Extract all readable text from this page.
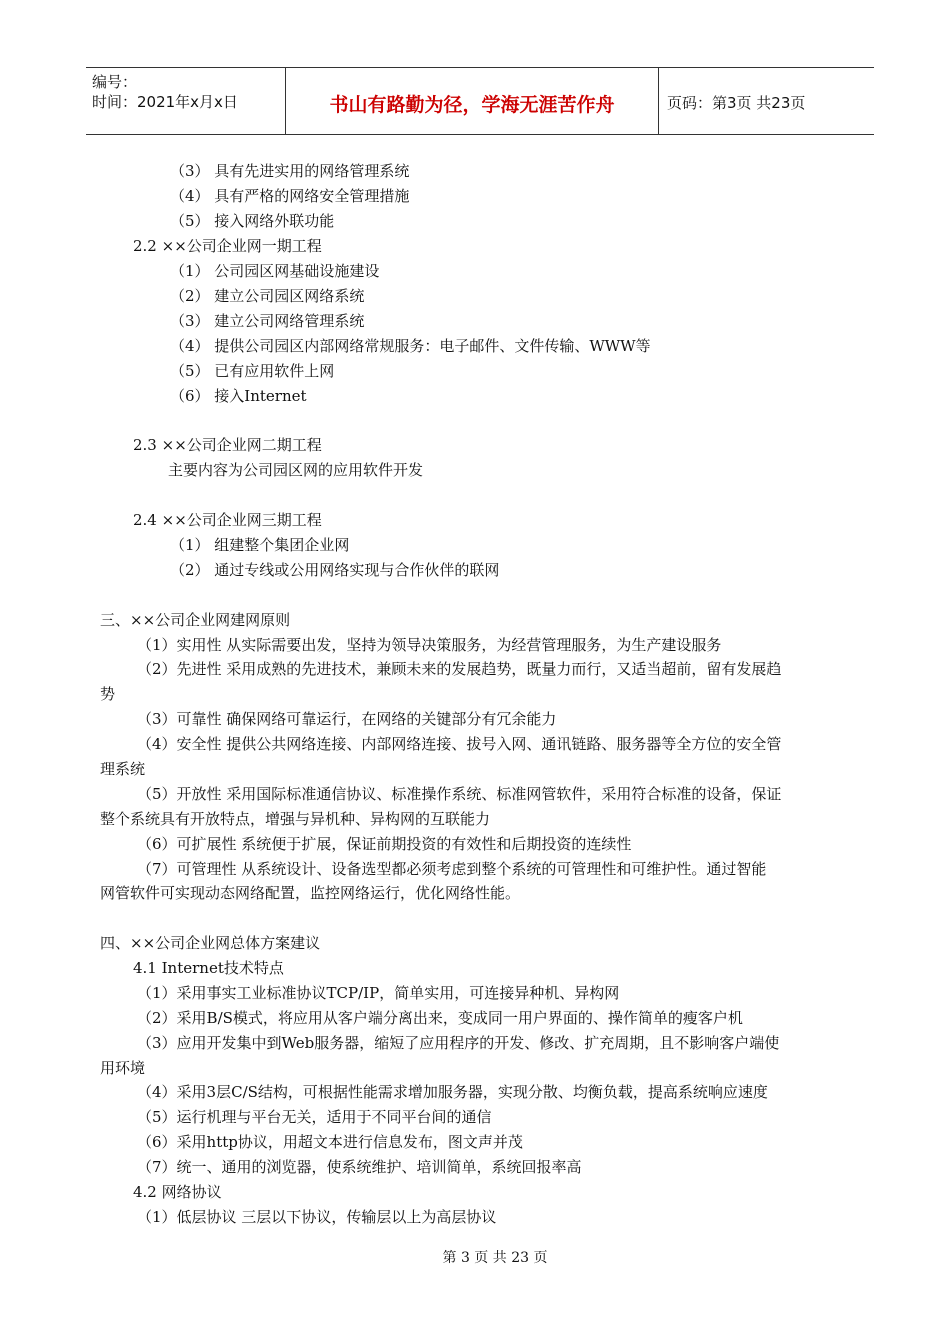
编号：
时间：2021年x月x日	书山有路勤为径，学海无涯苦作舟	页码：第3页 共23页
（3） 具有先进实用的网络管理系统
（4） 具有严格的网络安全管理措施
（5） 接入网络外联功能
2.2 ××公司企业网一期工程
（1） 公司园区网基础设施建设
（2） 建立公司园区网络系统
（3） 建立公司网络管理系统
（4） 提供公司园区内部网络常规服务：电子邮件、文件传输、WWW等
（5） 已有应用软件上网
（6） 接入Internet
2.3 ××公司企业网二期工程
主要内容为公司园区网的应用软件开发
2.4 ××公司企业网三期工程
（1） 组建整个集团企业网
（2） 通过专线或公用网络实现与合作伙伴的联网
三、××公司企业网建网原则
（1）实用性 从实际需要出发，坚持为领导决策服务，为经营管理服务，为生产建设服务
（2）先进性 采用成熟的先进技术，兼顾未来的发展趋势，既量力而行，又适当超前，留有发展趋
势
（3）可靠性 确保网络可靠运行，在网络的关键部分有冗余能力
（4）安全性 提供公共网络连接、内部网络连接、拔号入网、通讯链路、服务器等全方位的安全管
理系统
（5）开放性 采用国际标准通信协议、标准操作系统、标准网管软件，采用符合标准的设备，保证
整个系统具有开放特点，增强与异机种、异构网的互联能力
（6）可扩展性 系统便于扩展，保证前期投资的有效性和后期投资的连续性
（7）可管理性 从系统设计、设备选型都必须考虑到整个系统的可管理性和可维护性。通过智能
网管软件可实现动态网络配置，监控网络运行，优化网络性能。
四、××公司企业网总体方案建议
4.1 Internet技术特点
（1）采用事实工业标准协议TCP/IP，简单实用，可连接异种机、异构网
（2）采用B/S模式，将应用从客户端分离出来，变成同一用户界面的、操作简单的瘦客户机
（3）应用开发集中到Web服务器，缩短了应用程序的开发、修改、扩充周期，且不影响客户端使
用环境
（4）采用3层C/S结构，可根据性能需求增加服务器，实现分散、均衡负载，提高系统响应速度
（5）运行机理与平台无关，适用于不同平台间的通信
（6）采用http协议，用超文本进行信息发布，图文声并茂
（7）统一、通用的浏览器，使系统维护、培训简单，系统回报率高
4.2 网络协议
（1）低层协议 三层以下协议，传输层以上为高层协议
第 3 页 共 23 页
